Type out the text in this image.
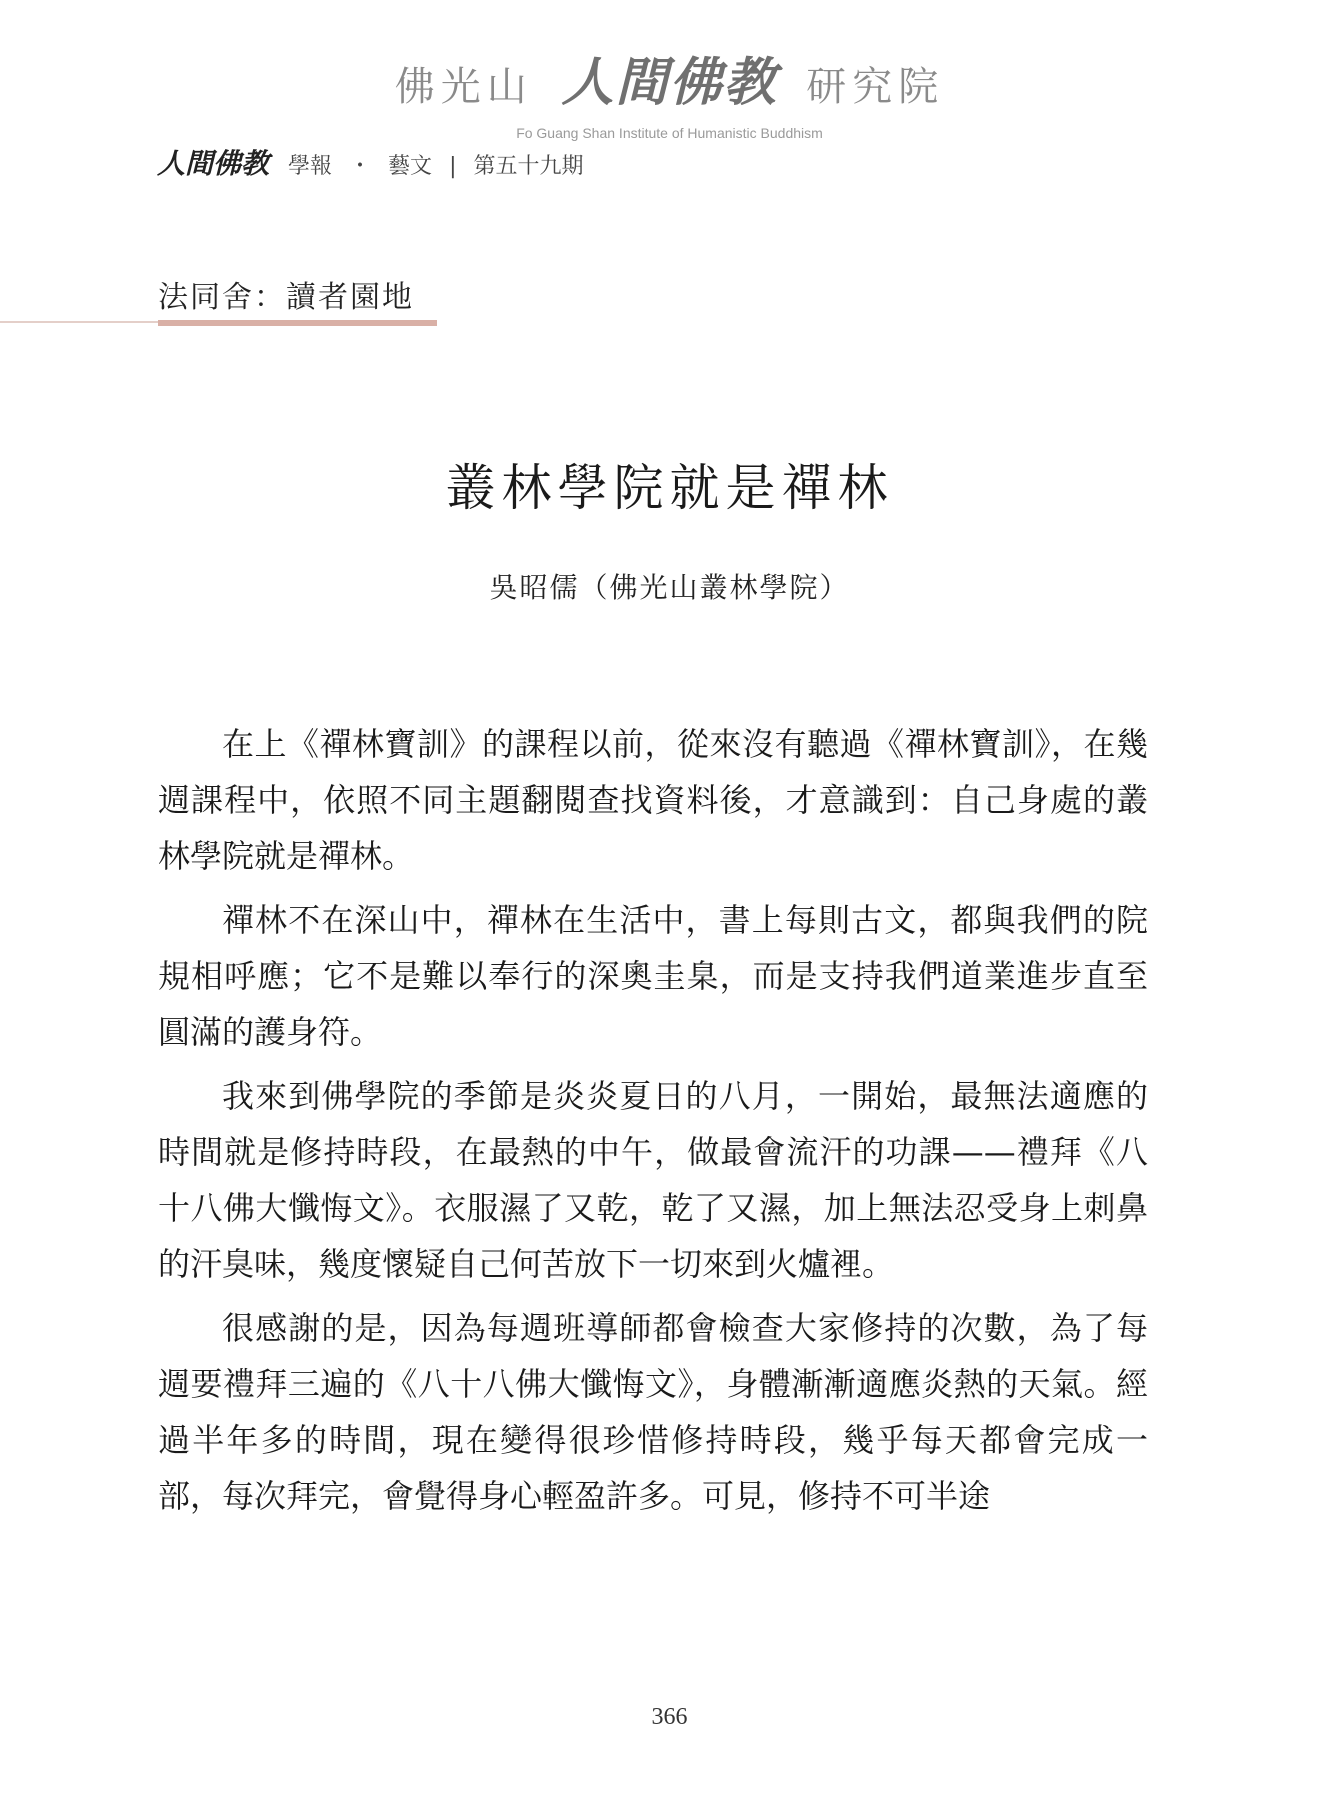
佛光山 人間佛教 研究院
Fo Guang Shan Institute of Humanistic Buddhism
人間佛教 學報 ・ 藝文 | 第五十九期
法同舍：讀者園地
叢林學院就是禪林
吳昭儒（佛光山叢林學院）

在上《禪林寶訓》的課程以前，從來沒有聽過《禪林寶訓》，在幾週課程中，依照不同主題翻閱查找資料後，才意識到：自己身處的叢林學院就是禪林。

禪林不在深山中，禪林在生活中，書上每則古文，都與我們的院規相呼應；它不是難以奉行的深奧圭臬，而是支持我們道業進步直至圓滿的護身符。

我來到佛學院的季節是炎炎夏日的八月，一開始，最無法適應的時間就是修持時段，在最熱的中午，做最會流汗的功課——禮拜《八十八佛大懺悔文》。衣服濕了又乾，乾了又濕，加上無法忍受身上刺鼻的汗臭味，幾度懷疑自己何苦放下一切來到火爐裡。

很感謝的是，因為每週班導師都會檢查大家修持的次數，為了每週要禮拜三遍的《八十八佛大懺悔文》，身體漸漸適應炎熱的天氣。經過半年多的時間，現在變得很珍惜修持時段，幾乎每天都會完成一部，每次拜完，會覺得身心輕盈許多。可見，修持不可半途

366
